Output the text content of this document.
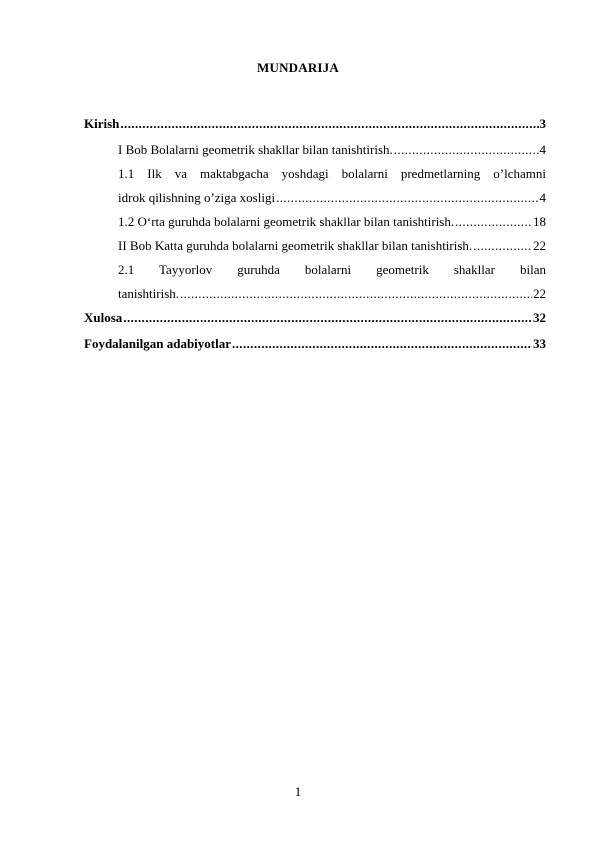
MUNDARIJA
Kirish .....	3
I Bob Bolalarni geometrik shakllar bilan tanishtirish. .....	4
1.1 Ilk va maktabgacha yoshdagi bolalarni predmetlarning o’lchamni
idrok qilishning o’ziga xosligi .....	4
1.2 O‘rta guruhda bolalarni geometrik shakllar bilan tanishtirish. .....	18
II Bob Katta guruhda bolalarni geometrik shakllar bilan tanishtirish. .....	22
2.1 Tayyorlov guruhda bolalarni geometrik shakllar bilan
tanishtirish. .....	22
Xulosa .....	32
Foydalanilgan adabiyotlar .....	33
1
